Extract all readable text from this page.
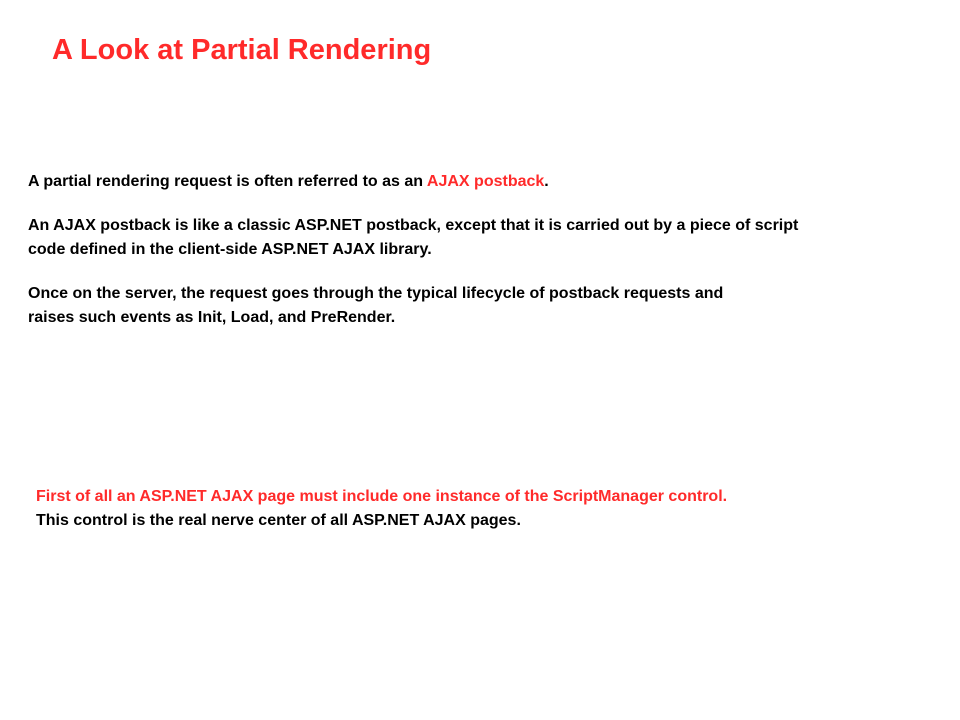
A Look at Partial Rendering

A partial rendering request is often referred to as an AJAX postback.

An AJAX postback is like a classic ASP.NET postback, except that it is carried out by a piece of script

code defined in the client-side ASP.NET AJAX library.

Once on the server, the request goes through the typical lifecycle of postback requests and

raises such events as Init, Load, and PreRender.

First of all an ASP.NET AJAX page must include one instance of the ScriptManager control.

This control is the real nerve center of all ASP.NET AJAX pages.
